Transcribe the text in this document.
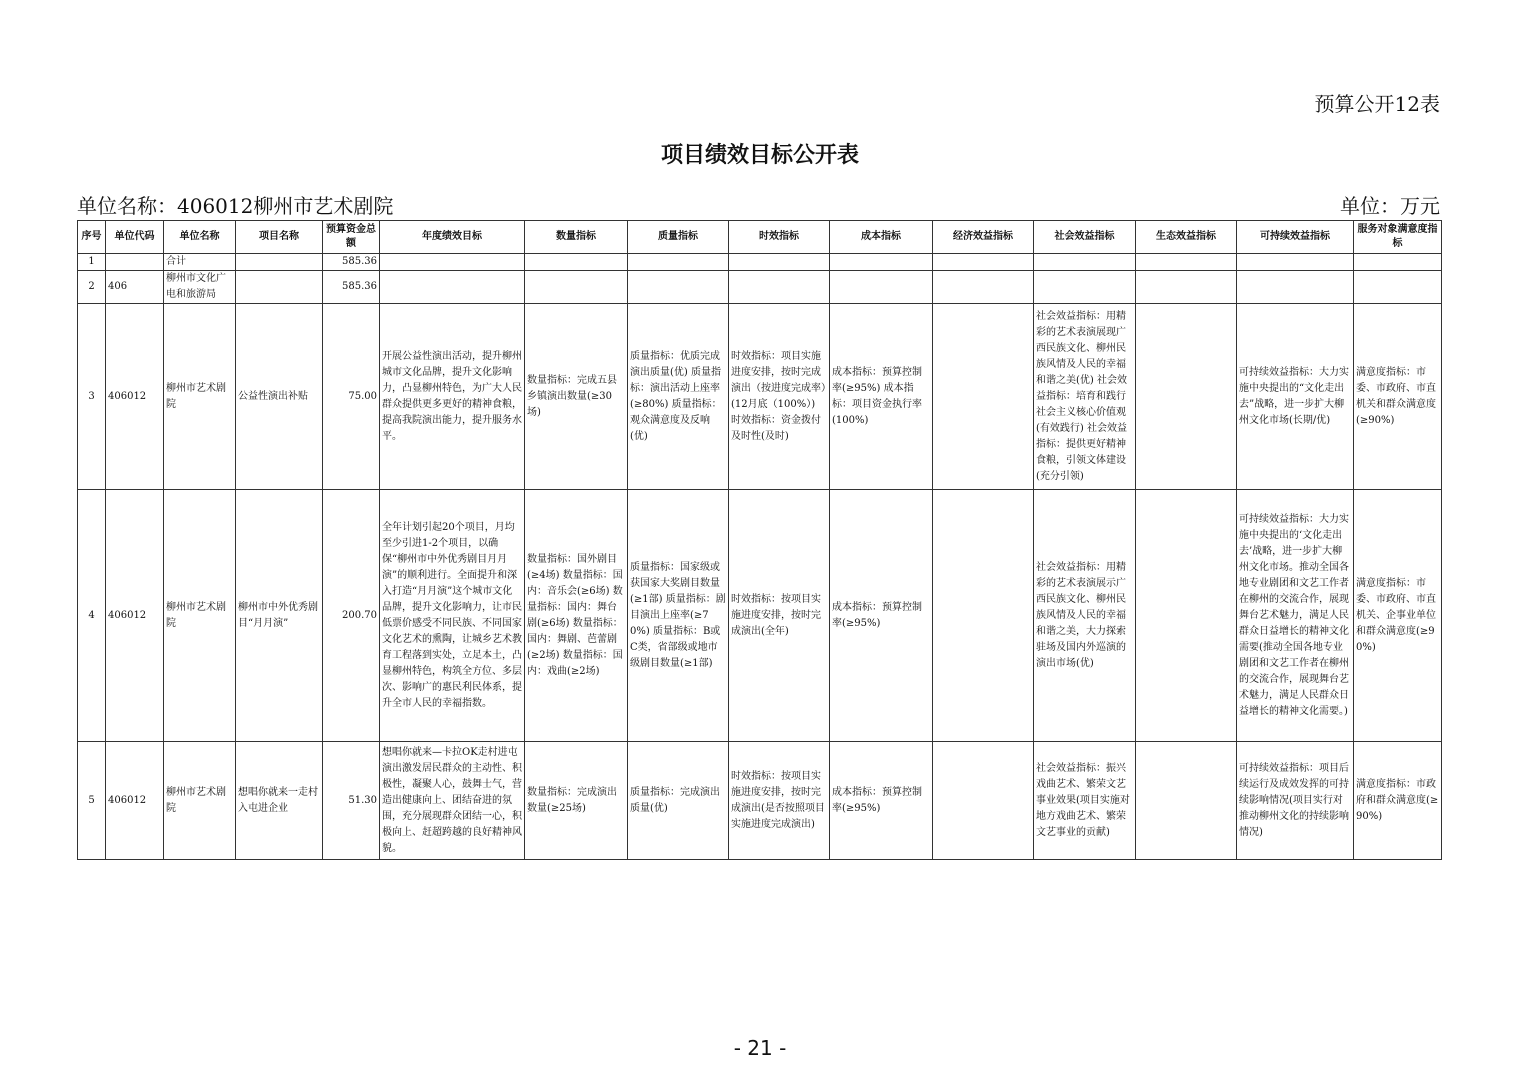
预算公开12表
项目绩效目标公开表
单位名称：406012柳州市艺术剧院	单位：万元
序号	单位代码	单位名称	项目名称	预算资金总额	年度绩效目标	数量指标	质量指标	时效指标	成本指标	经济效益指标	社会效益指标	生态效益指标	可持续效益指标	服务对象满意度指标
1		合计		585.36										
2	406	柳州市文化广电和旅游局		585.36										
3	406012	柳州市艺术剧院	公益性演出补贴	75.00	开展公益性演出活动，提升柳州城市文化品牌，提升文化影响力，凸显柳州特色，为广大人民群众提供更多更好的精神食粮，提高我院演出能力，提升服务水平。	数量指标：完成五县乡镇演出数量(≥30场)	质量指标：优质完成演出质量(优) 质量指标：演出活动上座率(≥80%) 质量指标：观众满意度及反响(优)	时效指标：项目实施进度安排，按时完成演出（按进度完成率）(12月底（100%）) 时效指标：资金拨付及时性(及时)	成本指标：预算控制率(≥95%) 成本指标：项目资金执行率(100%)		社会效益指标：用精彩的艺术表演展现广西民族文化、柳州民族风情及人民的幸福和谐之美(优) 社会效益指标：培育和践行社会主义核心价值观(有效践行) 社会效益指标：提供更好精神食粮，引领文体建设(充分引领)		可持续效益指标：大力实施中央提出的“文化走出去”战略，进一步扩大柳州文化市场(长期/优)	满意度指标：市委、市政府、市直机关和群众满意度(≥90%)
4	406012	柳州市艺术剧院	柳州市中外优秀剧目“月月演”	200.70	全年计划引起20个项目，月均至少引进1-2个项目，以确保“柳州市中外优秀剧目月月演”的顺利进行。全面提升和深入打造“月月演”这个城市文化品牌，提升文化影响力，让市民低票价感受不同民族、不同国家文化艺术的熏陶，让城乡艺术教育工程落到实处，立足本土，凸显柳州特色，构筑全方位、多层次、影响广的惠民利民体系，提升全市人民的幸福指数。	数量指标：国外剧目(≥4场) 数量指标：国内：音乐会(≥6场) 数量指标：国内：舞台剧(≥6场) 数量指标：国内：舞剧、芭蕾剧(≥2场) 数量指标：国内：戏曲(≥2场)	质量指标：国家级或获国家大奖剧目数量(≥1部) 质量指标：剧目演出上座率(≥70%) 质量指标：B或C类，省部级或地市级剧目数量(≥1部)	时效指标：按项目实施进度安排，按时完成演出(全年)	成本指标：预算控制率(≥95%)		社会效益指标：用精彩的艺术表演展示广西民族文化、柳州民族风情及人民的幸福和谐之美，大力探索驻场及国内外巡演的演出市场(优)		可持续效益指标：大力实施中央提出的‘文化走出去’战略，进一步扩大柳州文化市场。推动全国各地专业剧团和文艺工作者在柳州的交流合作，展现舞台艺术魅力，满足人民群众日益增长的精神文化需要(推动全国各地专业剧团和文艺工作者在柳州的交流合作，展现舞台艺术魅力，满足人民群众日益增长的精神文化需要。)	满意度指标：市委、市政府、市直机关、企事业单位和群众满意度(≥90%)
5	406012	柳州市艺术剧院	想唱你就来一走村入屯进企业	51.30	想唱你就来—卡拉OK走村进屯演出激发居民群众的主动性、积极性，凝聚人心，鼓舞士气，营造出健康向上、团结奋进的氛围，充分展现群众团结一心，积极向上、赶超跨越的良好精神风貌。	数量指标：完成演出数量(≥25场)	质量指标：完成演出质量(优)	时效指标：按项目实施进度安排，按时完成演出(是否按照项目实施进度完成演出)	成本指标：预算控制率(≥95%)		社会效益指标：振兴戏曲艺术、繁荣文艺事业效果(项目实施对地方戏曲艺术、繁荣文艺事业的贡献)		可持续效益指标：项目后续运行及成效发挥的可持续影响情况(项目实行对推动柳州文化的持续影响情况)	满意度指标：市政府和群众满意度(≥90%)
- 21 -
